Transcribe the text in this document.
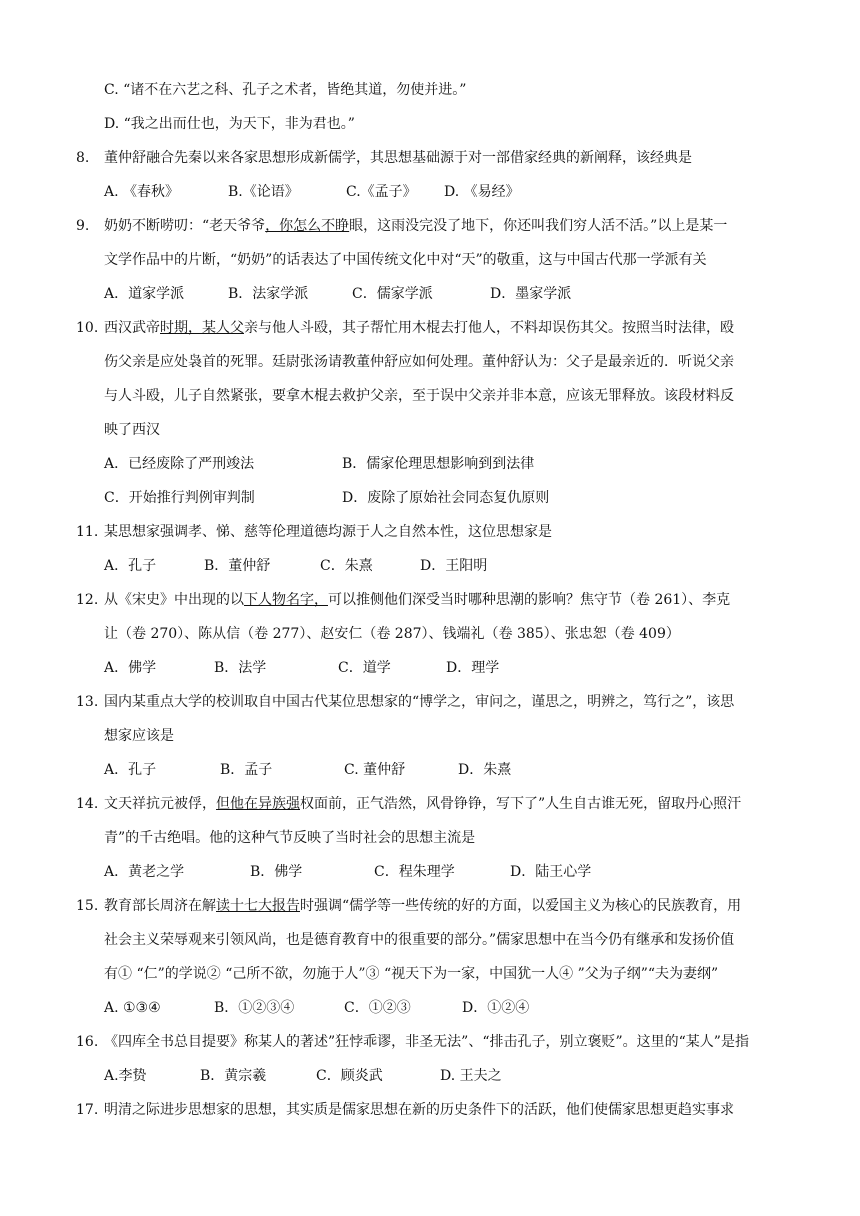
C. “诸不在六艺之科、孔子之术者，皆绝其道，勿使并进。”
D. “我之出而仕也，为天下，非为君也。”
8. 董仲舒融合先秦以来各家思想形成新儒学，其思想基础源于对一部借家经典的新阐释，该经典是
A. 《春秋》	B.《论语》	C.《孟子》 D. 《易经》
9. 奶奶不断唠叨：“老天爷爷，你怎么不睁眼，这雨没完没了地下，你还叫我们穷人活不活。”以上是某一
文学作品中的片断，“奶奶”的话表达了中国传统文化中对“天”的敬重，这与中国古代那一学派有关
A．道家学派	B．法家学派	C．儒家学派	D．墨家学派
10. 西汉武帝时期，某人父亲与他人斗殴，其子帮忙用木棍去打他人，不料却误伤其父。按照当时法律，殴
伤父亲是应处袅首的死罪。廷尉张汤请教董仲舒应如何处理。董仲舒认为：父子是最亲近的．听说父亲
与人斗殴，儿子自然紧张，要拿木棍去救护父亲，至于误中父亲并非本意，应该无罪释放。该段材料反
映了西汉
A．已经废除了严刑竣法	B．儒家伦理思想影响到到法律
C．开始推行判例审判制	D．废除了原始社会同态复仇原则
11. 某思想家强调孝、悌、慈等伦理道德均源于人之自然本性，这位思想家是
A．孔子	B．董仲舒	C．朱熹	D．王阳明
12. 从《宋史》中出现的以下人物名字，可以推侧他们深受当时哪种思潮的影响？焦守节（卷 261）、李克
让（卷 270）、陈从信（卷 277）、赵安仁（卷 287）、钱端礼（卷 385）、张忠恕（卷 409）
A．佛学	B．法学	C．道学	D．理学
13. 国内某重点大学的校训取自中国古代某位思想家的“博学之，审问之，谨思之，明辨之，笃行之”，该思
想家应该是
A．孔子	B．孟子	C. 董仲舒	D．朱熹
14. 文天祥抗元被俘，但他在异族强权面前，正气浩然，风骨铮铮，写下了”人生自古谁无死，留取丹心照汗
青”的千古绝唱。他的这种气节反映了当时社会的思想主流是
A．黄老之学	B．佛学	C．程朱理学	D．陆王心学
15. 教育部长周济在解读十七大报告时强调“儒学等一些传统的好的方面，以爱国主义为核心的民族教育，用
社会主义荣辱观来引领风尚，也是德育教育中的很重要的部分。”儒家思想中在当今仍有继承和发扬价值
有① “仁”的学说② “己所不欲，勿施于人”③ “视天下为一家，中国犹一人④ ”父为子纲”“夫为妻纲”
A. ①③④	B．①②③④	C．①②③	D．①②④
16. 《四库全书总目提要》称某人的著述”狂悖乖谬，非圣无法”、“排击孔子，别立褒贬”。这里的“某人”是指
A.李贽	B．黄宗羲	C．顾炎武	D. 王夫之
17. 明清之际进步思想家的思想，其实质是儒家思想在新的历史条件下的活跃，他们使儒家思想更趋实事求
